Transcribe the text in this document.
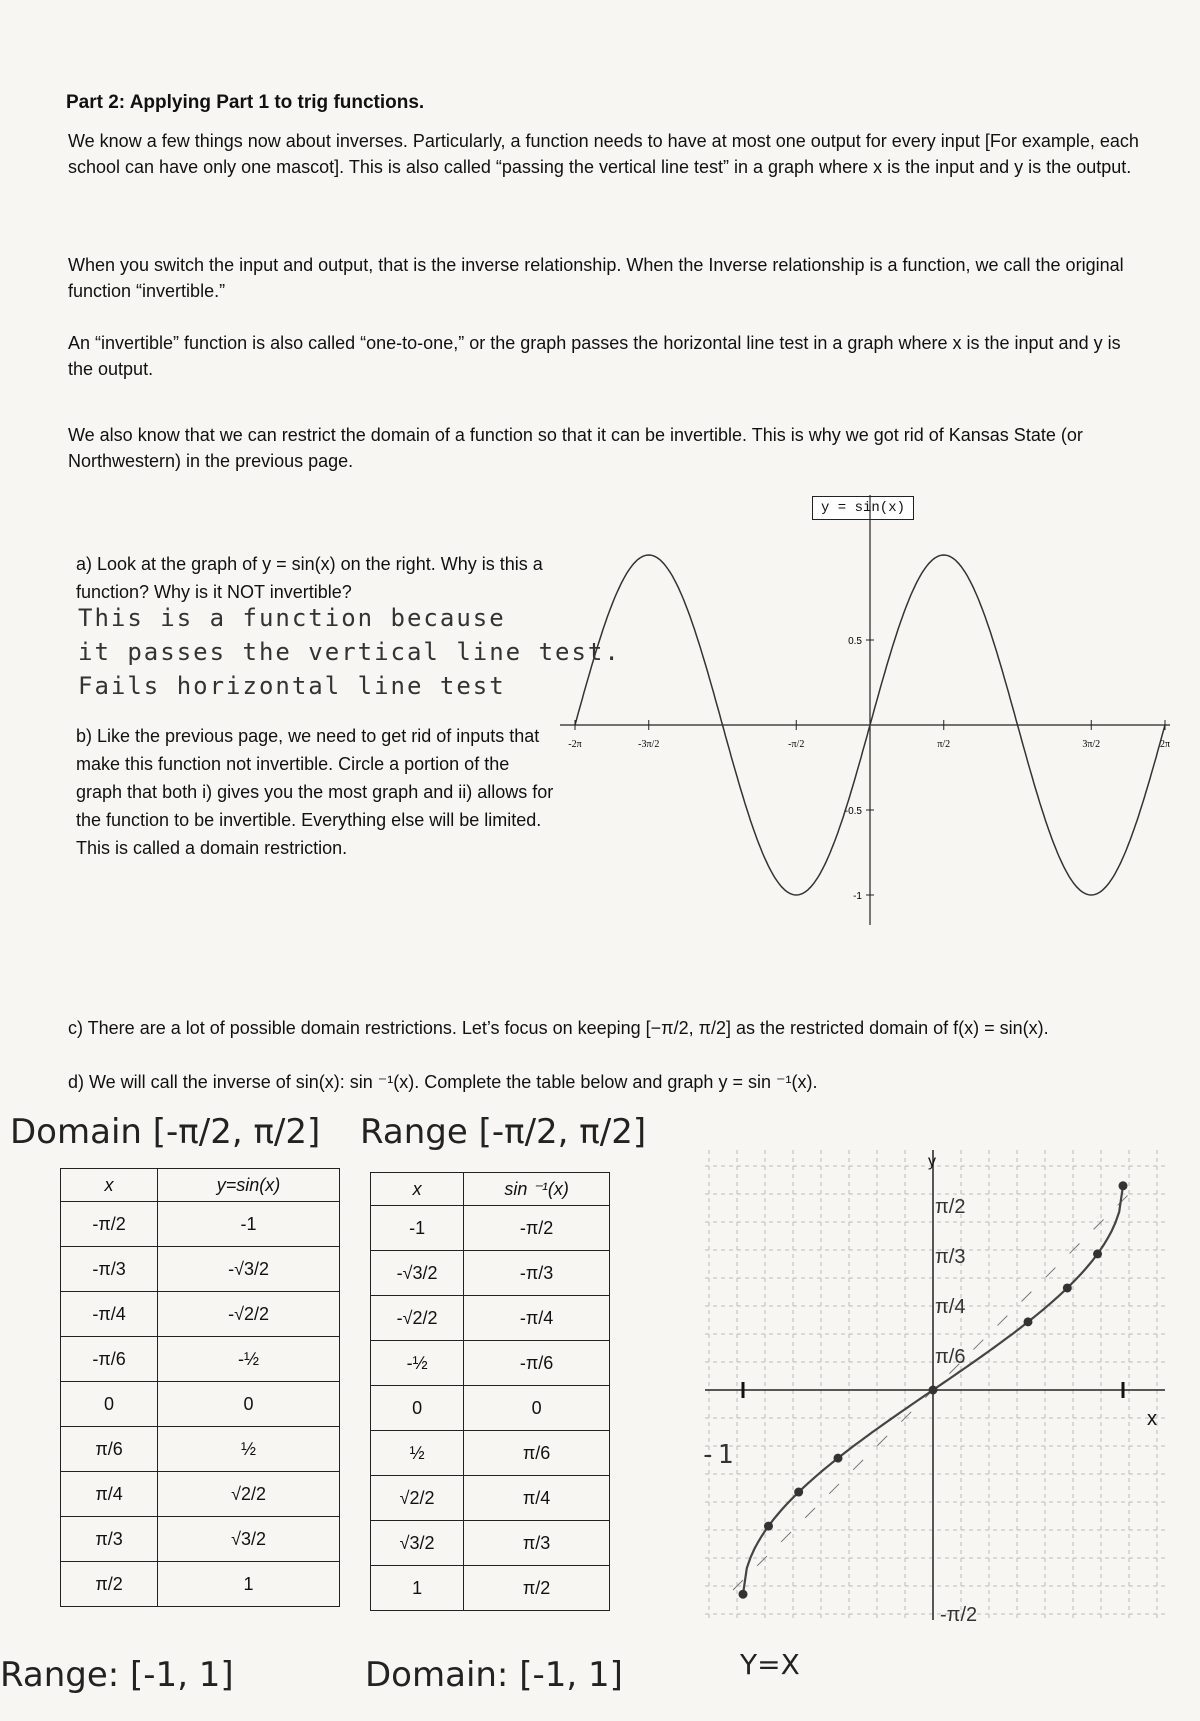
Part 2: Applying Part 1 to trig functions.
We know a few things now about inverses. Particularly, a function needs to have at most one output for every input [For example, each school can have only one mascot]. This is also called “passing the vertical line test” in a graph where x is the input and y is the output.
When you switch the input and output, that is the inverse relationship. When the Inverse relationship is a function, we call the original function “invertible.”
An “invertible” function is also called “one-to-one,” or the graph passes the horizontal line test in a graph where x is the input and y is the output.
We also know that we can restrict the domain of a function so that it can be invertible. This is why we got rid of Kansas State (or Northwestern) in the previous page.
a) Look at the graph of y = sin(x) on the right. Why is this a function? Why is it NOT invertible?
This is a function because
it passes the vertical line test.
Fails horizontal line test
b) Like the previous page, we need to get rid of inputs that make this function not invertible. Circle a portion of the graph that both i) gives you the most graph and ii) allows for the function to be invertible. Everything else will be limited. This is called a domain restriction.
y = sin(x)
-2π	-3π/2	-π/2	π/2	3π/2	2π
0.5
-0.5
-1
c) There are a lot of possible domain restrictions. Let’s focus on keeping [−π/2, π/2] as the restricted domain of f(x) = sin(x).
d) We will call the inverse of sin(x): sin ⁻¹(x). Complete the table below and graph y = sin ⁻¹(x).
Domain [-π/2, π/2] Range [-π/2, π/2]
x	y=sin(x)
-π/2	-1
-π/3	-√3/2
-π/4	-√2/2
-π/6	-½
0	0
π/6	½
π/4	√2/2
π/3	√3/2
π/2	1
x	sin ⁻¹(x)
-1	-π/2
-√3/2	-π/3
-√2/2	-π/4
-½	-π/6
0	0
½	π/6
√2/2	π/4
√3/2	π/3
1	π/2
Range: [-1, 1]	Domain: [-1, 1]
x
y
-1
π/2
π/3
π/4
π/6
-π/2
Y=X
